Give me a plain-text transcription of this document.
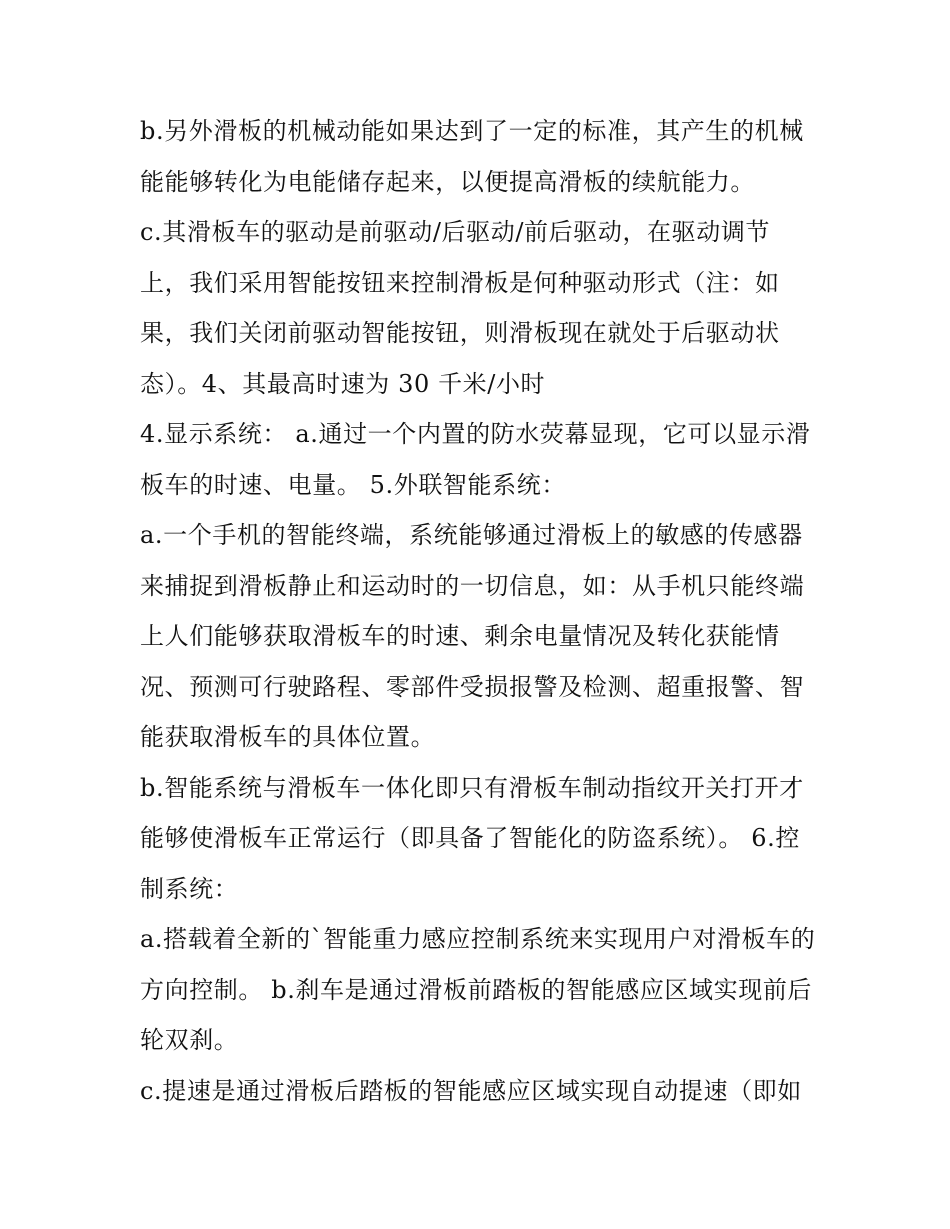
b.另外滑板的机械动能如果达到了一定的标准，其产生的机械
能能够转化为电能储存起来，以便提高滑板的续航能力。

c.其滑板车的驱动是前驱动/后驱动/前后驱动，在驱动调节
上，我们采用智能按钮来控制滑板是何种驱动形式（注：如
果，我们关闭前驱动智能按钮，则滑板现在就处于后驱动状
态）。4、其最高时速为 30 千米/小时

4.显示系统： a.通过一个内置的防水荧幕显现，它可以显示滑
板车的时速、电量。 5.外联智能系统：

a.一个手机的智能终端，系统能够通过滑板上的敏感的传感器
来捕捉到滑板静止和运动时的一切信息，如：从手机只能终端
上人们能够获取滑板车的时速、剩余电量情况及转化获能情
况、预测可行驶路程、零部件受损报警及检测、超重报警、智
能获取滑板车的具体位置。

b.智能系统与滑板车一体化即只有滑板车制动指纹开关打开才
能够使滑板车正常运行（即具备了智能化的防盗系统）。 6.控
制系统：

a.搭载着全新的`智能重力感应控制系统来实现用户对滑板车的
方向控制。 b.刹车是通过滑板前踏板的智能感应区域实现前后
轮双刹。

c.提速是通过滑板后踏板的智能感应区域实现自动提速（即如
